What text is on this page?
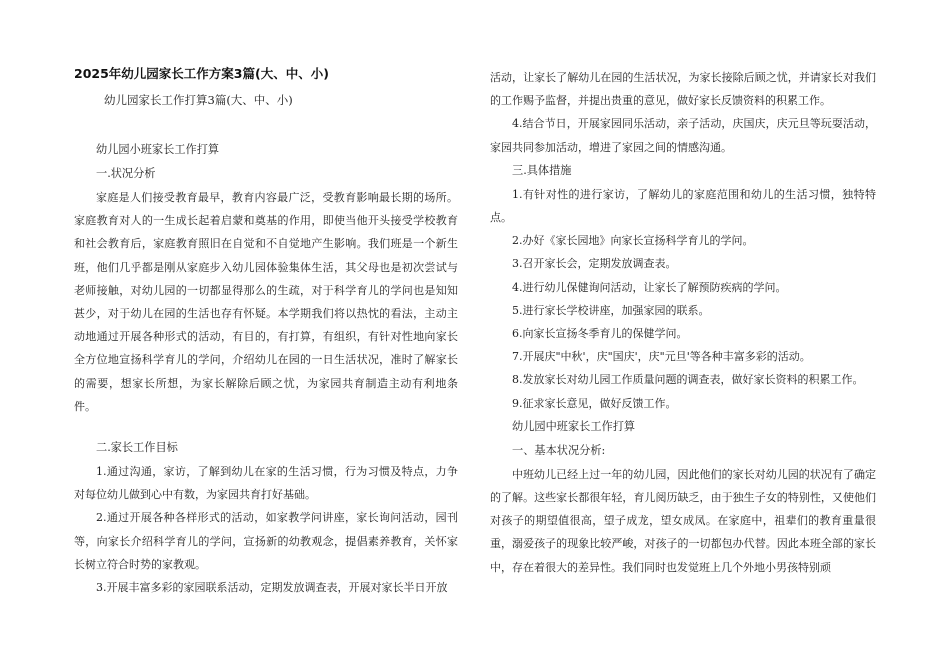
2025年幼儿园家长工作方案3篇(大、中、小)
幼儿园家长工作打算3篇(大、中、小)

幼儿园小班家长工作打算

一.状况分析

家庭是人们接受教育最早，教育内容最广泛，受教育影响最长期的场所。家庭教育对人的一生成长起着启蒙和奠基的作用，即使当他开头接受学校教育和社会教育后，家庭教育照旧在自觉和不自觉地产生影响。我们班是一个新生班，他们几乎都是刚从家庭步入幼儿园体验集体生活，其父母也是初次尝试与老师接触，对幼儿园的一切都显得那么的生疏，对于科学育儿的学问也是知知甚少，对于幼儿在园的生活也存有怀疑。本学期我们将以热忱的看法，主动主动地通过开展各种形式的活动，有目的，有打算，有组织，有针对性地向家长全方位地宣扬科学育儿的学问，介绍幼儿在园的一日生活状况，准时了解家长的需要，想家长所想，为家长解除后顾之忧，为家园共育制造主动有利地条件。

二.家长工作目标

1.通过沟通，家访，了解到幼儿在家的生活习惯，行为习惯及特点，力争对每位幼儿做到心中有数，为家园共育打好基础。

2.通过开展各种各样形式的活动，如家教学问讲座，家长询问活动，园刊等，向家长介绍科学育儿的学问，宣扬新的幼教观念，提倡素养教育，关怀家长树立符合时势的家教观。

3.开展丰富多彩的家园联系活动，定期发放调查表，开展对家长半日开放

活动，让家长了解幼儿在园的生活状况，为家长接除后顾之忧，并请家长对我们的工作赐予监督，并提出贵重的意见，做好家长反馈资料的积累工作。

4.结合节日，开展家园同乐活动，亲子活动，庆国庆，庆元旦等玩耍活动，家园共同参加活动，增进了家园之间的情感沟通。

三.具体措施

1.有针对性的进行家访，了解幼儿的家庭范围和幼儿的生活习惯，独特特点。

2.办好《家长园地》向家长宣扬科学育儿的学问。

3.召开家长会，定期发放调查表。

4.进行幼儿保健询问活动，让家长了解预防疾病的学问。

5.进行家长学校讲座，加强家园的联系。

6.向家长宣扬冬季育儿的保健学问。

7.开展庆"中秋'，庆"国庆'，庆"元旦'等各种丰富多彩的活动。

8.发放家长对幼儿园工作质量问题的调查表，做好家长资料的积累工作。

9.征求家长意见，做好反馈工作。

幼儿园中班家长工作打算

一、基本状况分析:

中班幼儿已经上过一年的幼儿园，因此他们的家长对幼儿园的状况有了确定的了解。这些家长都很年轻，育儿阅历缺乏，由于独生子女的特别性，又使他们对孩子的期望值很高，望子成龙，望女成凤。在家庭中，祖辈们的教育重量很重，溺爱孩子的现象比较严峻，对孩子的一切都包办代替。因此本班全部的家长中，存在着很大的差异性。我们同时也发觉班上几个外地小男孩特别顽
